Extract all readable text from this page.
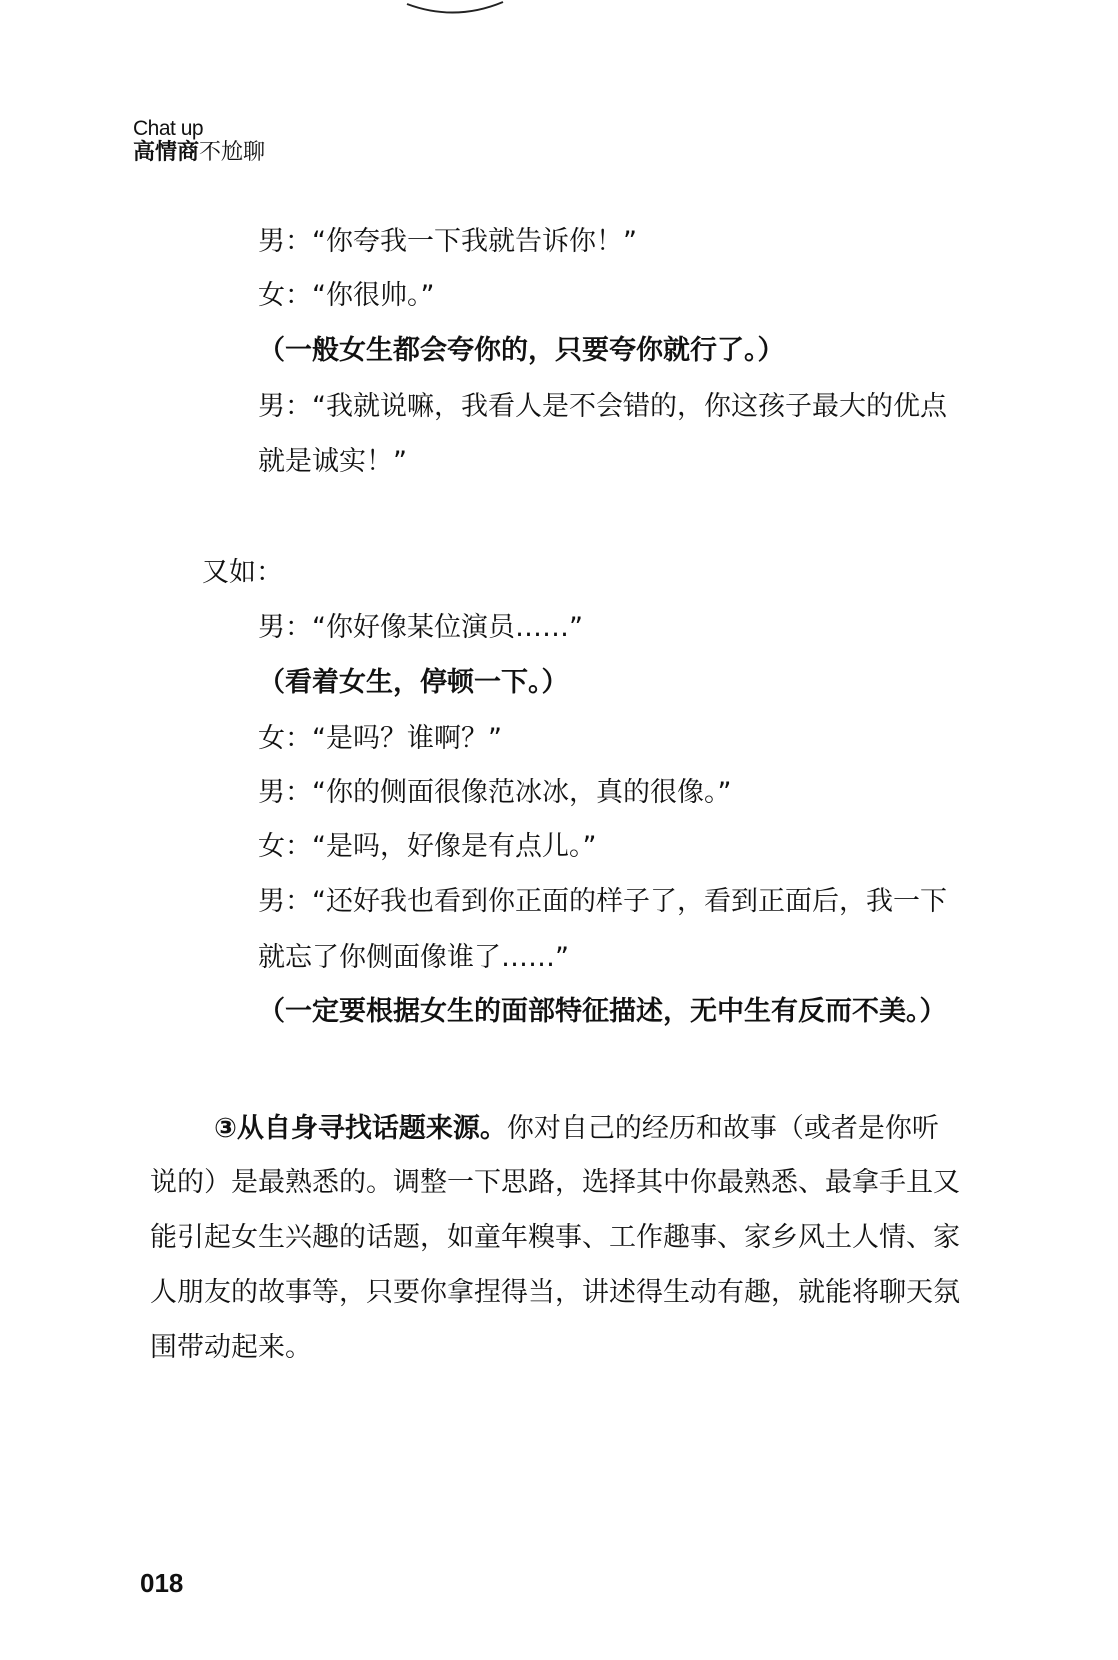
Chat up
高情商不尬聊
男：“你夸我一下我就告诉你！”
女：“你很帅。”
（一般女生都会夸你的，只要夸你就行了。）
男：“我就说嘛，我看人是不会错的，你这孩子最大的优点
就是诚实！”
又如：
男：“你好像某位演员……”
（看着女生，停顿一下。）
女：“是吗？谁啊？”
男：“你的侧面很像范冰冰，真的很像。”
女：“是吗，好像是有点儿。”
男：“还好我也看到你正面的样子了，看到正面后，我一下
就忘了你侧面像谁了……”
（一定要根据女生的面部特征描述，无中生有反而不美。）
③从自身寻找话题来源。你对自己的经历和故事（或者是你听
说的）是最熟悉的。调整一下思路，选择其中你最熟悉、最拿手且又
能引起女生兴趣的话题，如童年糗事、工作趣事、家乡风土人情、家
人朋友的故事等，只要你拿捏得当，讲述得生动有趣，就能将聊天氛
围带动起来。
018
